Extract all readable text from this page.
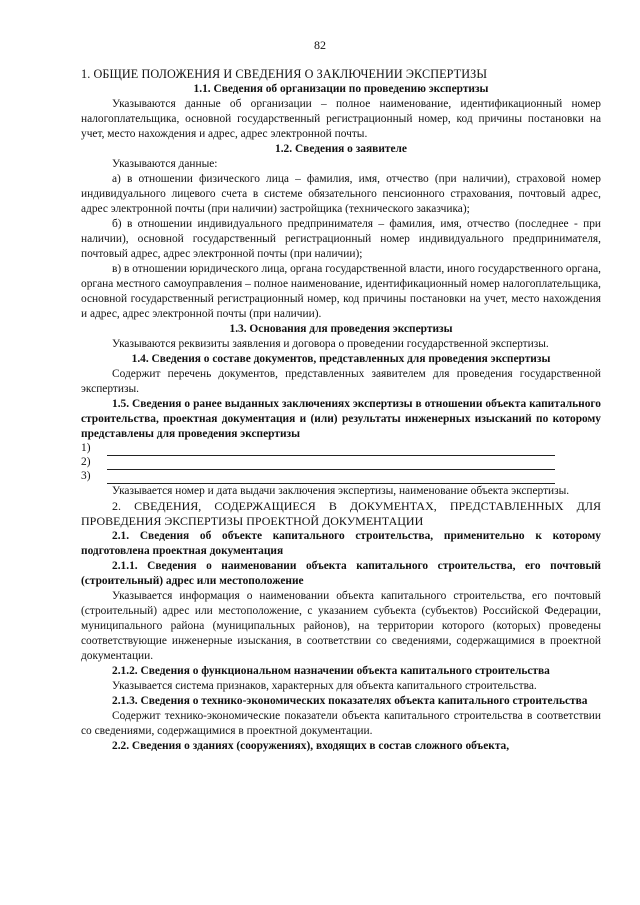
82

1. ОБЩИЕ ПОЛОЖЕНИЯ И СВЕДЕНИЯ О ЗАКЛЮЧЕНИИ ЭКСПЕРТИЗЫ

1.1. Сведения об организации по проведению экспертизы

Указываются данные об организации – полное наименование, идентификационный номер налогоплательщика, основной государственный регистрационный номер, код причины постановки на учет, место нахождения и адрес, адрес электронной почты.

1.2. Сведения о заявителе

Указываются данные:

а) в отношении физического лица – фамилия, имя, отчество (при наличии), страховой номер индивидуального лицевого счета в системе обязательного пенсионного страхования, почтовый адрес, адрес электронной почты (при наличии) застройщика (технического заказчика);

б) в отношении индивидуального предпринимателя – фамилия, имя, отчество (последнее - при наличии), основной государственный регистрационный номер индивидуального предпринимателя, почтовый адрес, адрес электронной почты (при наличии);

в) в отношении юридического лица, органа государственной власти, иного государственного органа, органа местного самоуправления – полное наименование, идентификационный номер налогоплательщика, основной государственный регистрационный номер, код причины постановки на учет, место нахождения и адрес, адрес электронной почты (при наличии).

1.3. Основания для проведения экспертизы

Указываются реквизиты заявления и договора о проведении государственной экспертизы.

1.4. Сведения о составе документов, представленных для проведения экспертизы

Содержит перечень документов, представленных заявителем для проведения государственной экспертизы.

1.5. Сведения о ранее выданных заключениях экспертизы в отношении объекта капитального строительства, проектная документация и (или) результаты инженерных изысканий по которому представлены для проведения экспертизы

1)
2)
3)

Указывается номер и дата выдачи заключения экспертизы, наименование объекта экспертизы.

2. СВЕДЕНИЯ, СОДЕРЖАЩИЕСЯ В ДОКУМЕНТАХ, ПРЕДСТАВЛЕННЫХ ДЛЯ ПРОВЕДЕНИЯ ЭКСПЕРТИЗЫ ПРОЕКТНОЙ ДОКУМЕНТАЦИИ

2.1. Сведения об объекте капитального строительства, применительно к которому подготовлена проектная документация

2.1.1. Сведения о наименовании объекта капитального строительства, его почтовый (строительный) адрес или местоположение

Указывается информация о наименовании объекта капитального строительства, его почтовый (строительный) адрес или местоположение, с указанием субъекта (субъектов) Российской Федерации, муниципального района (муниципальных районов), на территории которого (которых) проведены соответствующие инженерные изыскания, в соответствии со сведениями, содержащимися в проектной документации.

2.1.2. Сведения о функциональном назначении объекта капитального строительства

Указывается система признаков, характерных для объекта капитального строительства.

2.1.3. Сведения о технико-экономических показателях объекта капитального строительства

Содержит технико-экономические показатели объекта капитального строительства в соответствии со сведениями, содержащимися в проектной документации.

2.2. Сведения о зданиях (сооружениях), входящих в состав сложного объекта,
